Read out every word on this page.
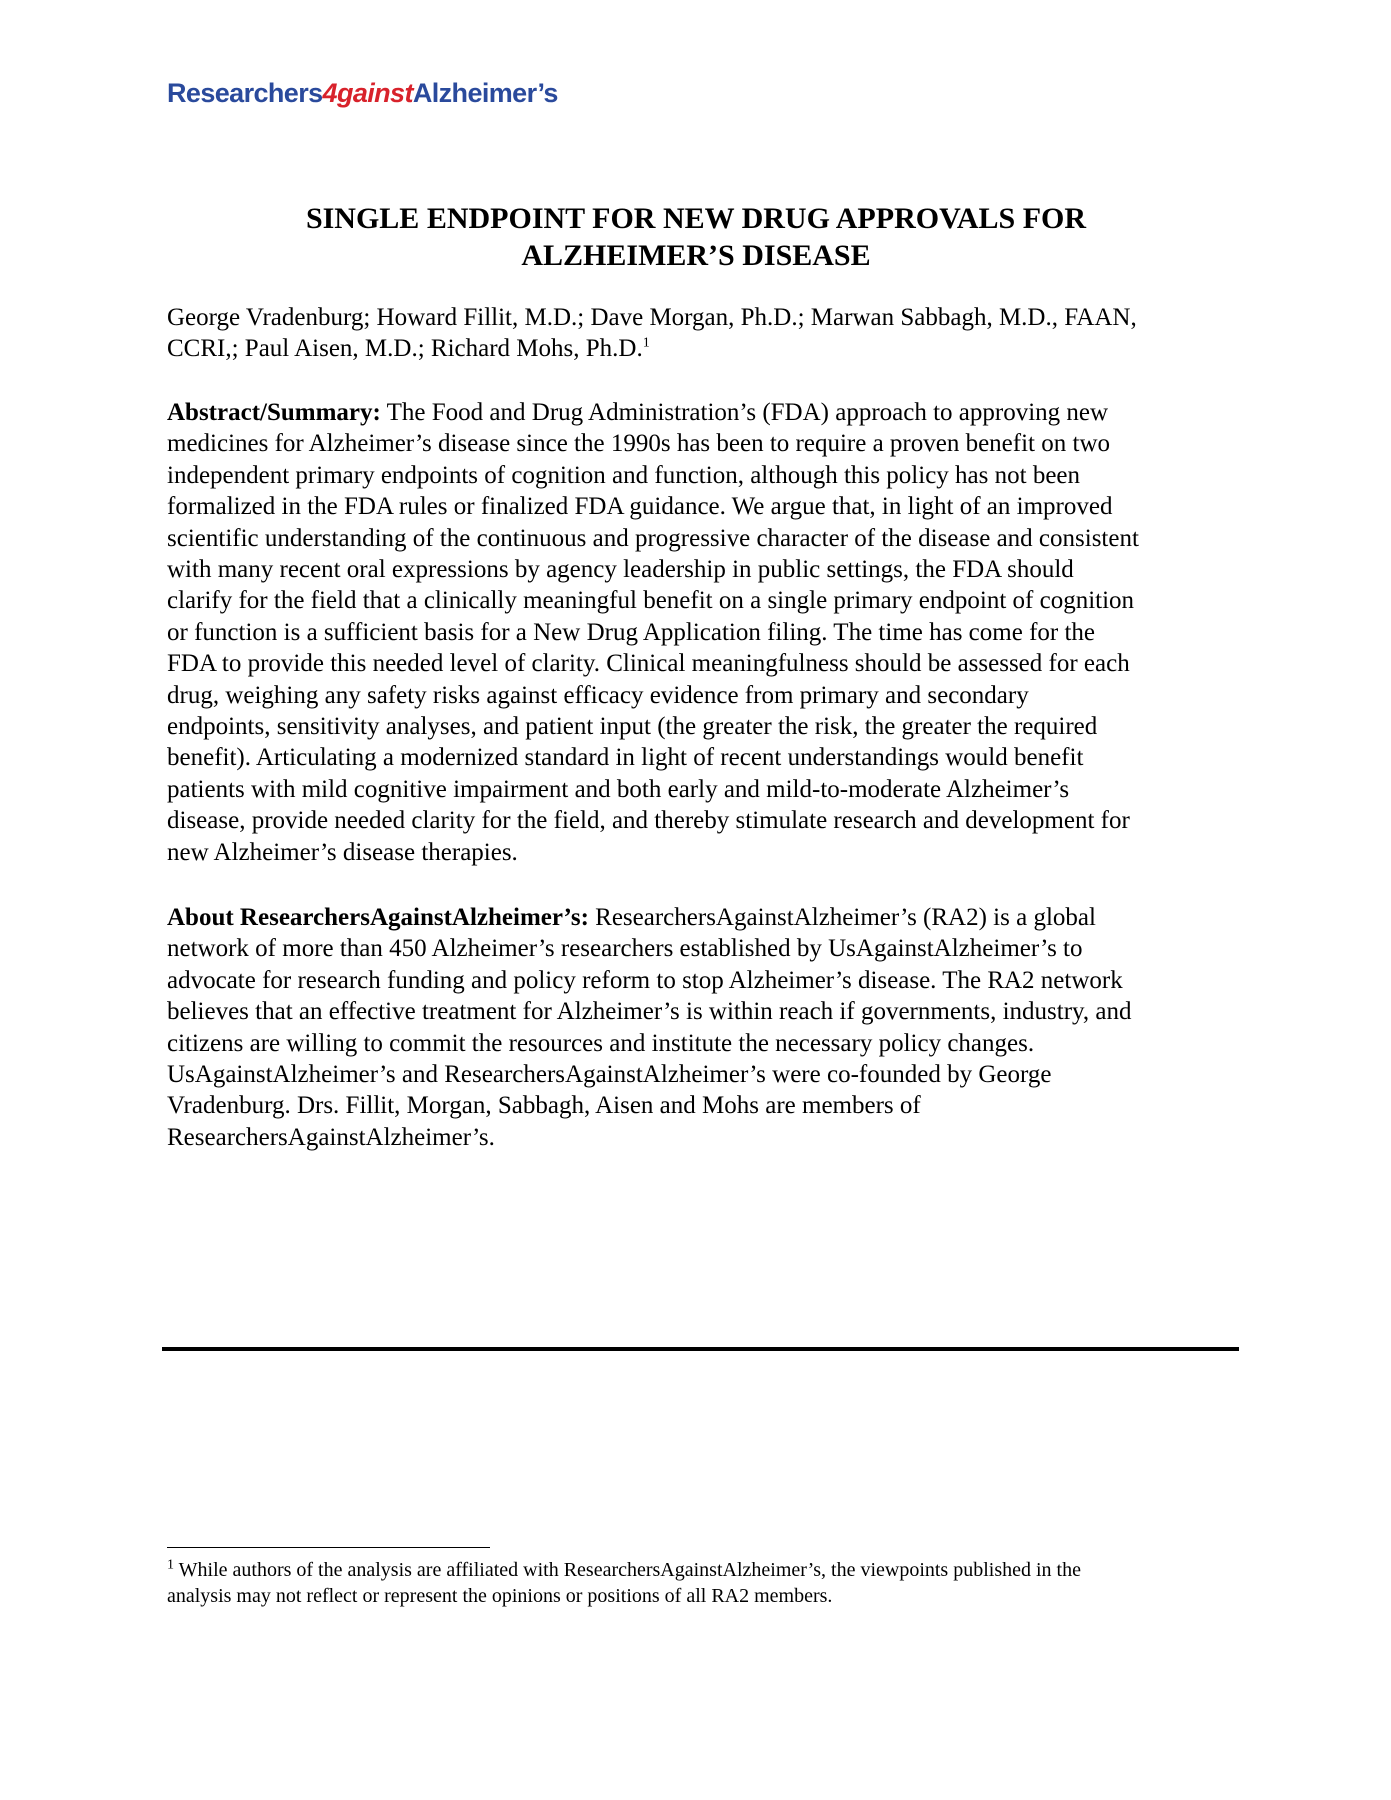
Researchers4gainstAlzheimer’s
SINGLE ENDPOINT FOR NEW DRUG APPROVALS FOR
ALZHEIMER’S DISEASE
George Vradenburg; Howard Fillit, M.D.; Dave Morgan, Ph.D.; Marwan Sabbagh, M.D., FAAN,
CCRI,; Paul Aisen, M.D.; Richard Mohs, Ph.D.$^1$
Abstract/Summary: The Food and Drug Administration’s (FDA) approach to approving new
medicines for Alzheimer’s disease since the 1990s has been to require a proven benefit on two
independent primary endpoints of cognition and function, although this policy has not been
formalized in the FDA rules or finalized FDA guidance. We argue that, in light of an improved
scientific understanding of the continuous and progressive character of the disease and consistent
with many recent oral expressions by agency leadership in public settings, the FDA should
clarify for the field that a clinically meaningful benefit on a single primary endpoint of cognition
or function is a sufficient basis for a New Drug Application filing. The time has come for the
FDA to provide this needed level of clarity. Clinical meaningfulness should be assessed for each
drug, weighing any safety risks against efficacy evidence from primary and secondary
endpoints, sensitivity analyses, and patient input (the greater the risk, the greater the required
benefit). Articulating a modernized standard in light of recent understandings would benefit
patients with mild cognitive impairment and both early and mild-to-moderate Alzheimer’s
disease, provide needed clarity for the field, and thereby stimulate research and development for
new Alzheimer’s disease therapies.
About ResearchersAgainstAlzheimer’s: ResearchersAgainstAlzheimer’s (RA2) is a global
network of more than 450 Alzheimer’s researchers established by UsAgainstAlzheimer’s to
advocate for research funding and policy reform to stop Alzheimer’s disease. The RA2 network
believes that an effective treatment for Alzheimer’s is within reach if governments, industry, and
citizens are willing to commit the resources and institute the necessary policy changes.
UsAgainstAlzheimer’s and ResearchersAgainstAlzheimer’s were co-founded by George
Vradenburg. Drs. Fillit, Morgan, Sabbagh, Aisen and Mohs are members of
ResearchersAgainstAlzheimer’s.
$^1$ While authors of the analysis are affiliated with ResearchersAgainstAlzheimer’s, the viewpoints published in the
analysis may not reflect or represent the opinions or positions of all RA2 members.
